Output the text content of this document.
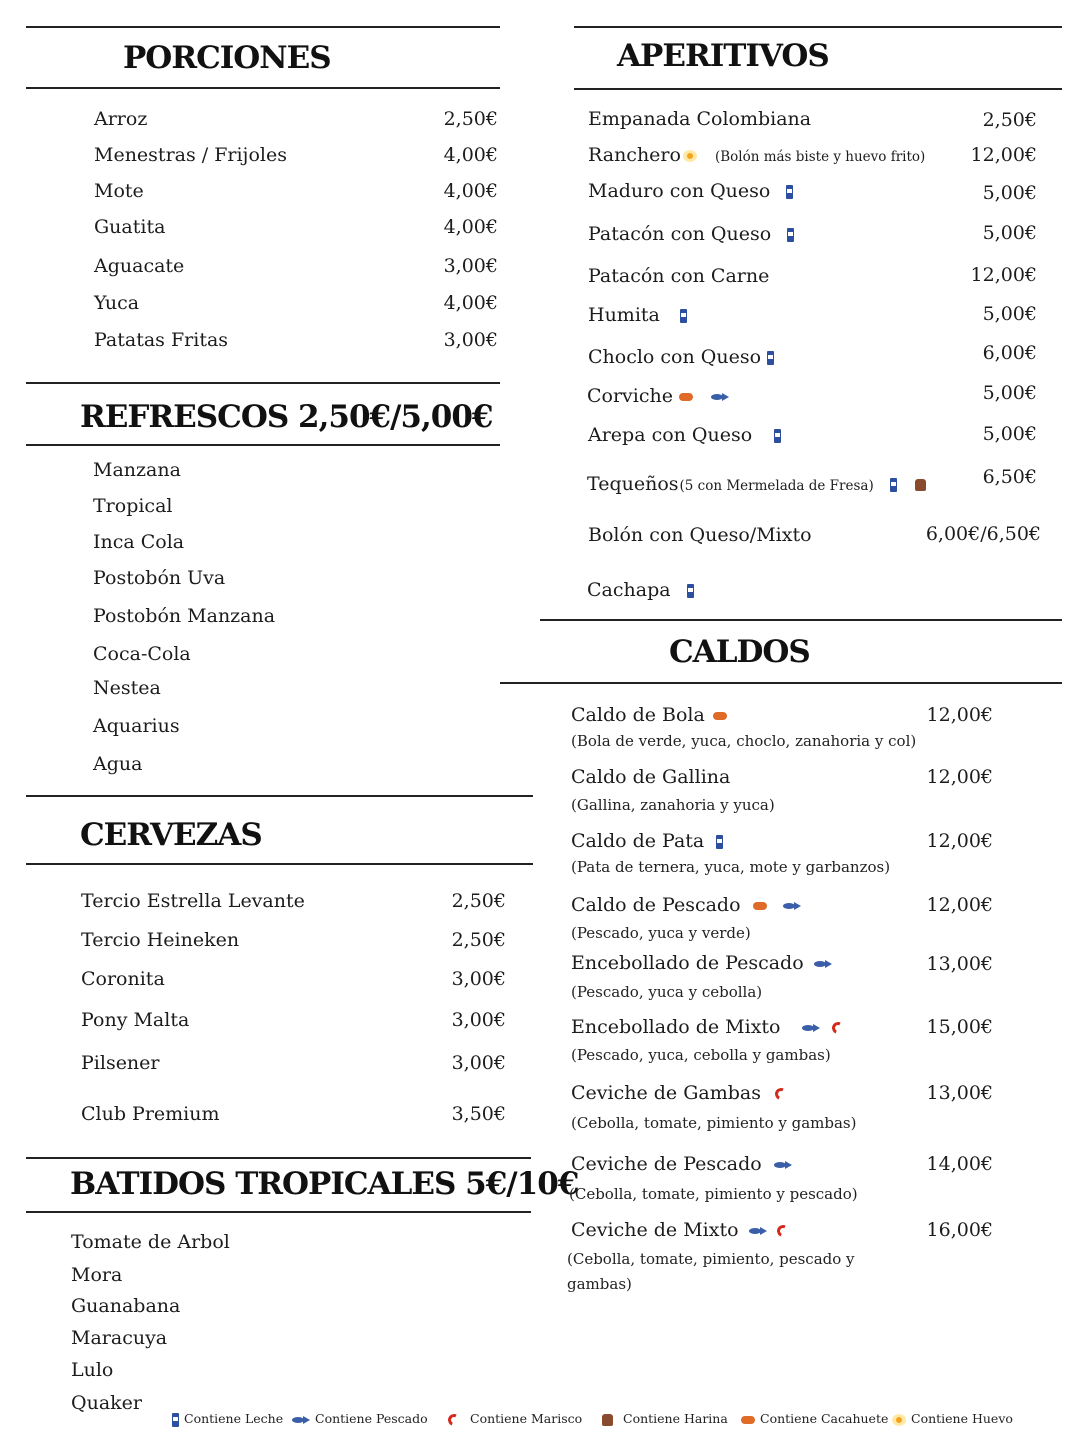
PORCIONES
Arroz	2,50€
Menestras / Frijoles	4,00€
Mote	4,00€
Guatita	4,00€
Aguacate	3,00€
Yuca	4,00€
Patatas Fritas	3,00€
REFRESCOS 2,50€/5,00€
Manzana
Tropical
Inca Cola
Postobón Uva
Postobón Manzana
Coca-Cola
Nestea
Aquarius
Agua
CERVEZAS
Tercio Estrella Levante	2,50€
Tercio Heineken	2,50€
Coronita	3,00€
Pony Malta	3,00€
Pilsener	3,00€
Club Premium	3,50€
BATIDOS TROPICALES 5€/10€
Tomate de Arbol
Mora
Guanabana
Maracuya
Lulo
Quaker
APERITIVOS
Empanada Colombiana	2,50€
Ranchero	(Bolón más biste y huevo frito) 12,00€
Maduro con Queso	5,00€
Patacón con Queso	5,00€
Patacón con Carne	12,00€
Humita	5,00€
Choclo con Queso	6,00€
Corviche	5,00€
Arepa con Queso	5,00€
Tequeños(5 con Mermelada de Fresa)	6,50€
Bolón con Queso/Mixto	6,00€/6,50€
Cachapa
CALDOS
Caldo de Bola	12,00€
(Bola de verde, yuca, choclo, zanahoria y col)
Caldo de Gallina	12,00€
(Gallina, zanahoria y yuca)
Caldo de Pata	12,00€
(Pata de ternera, yuca, mote y garbanzos)
Caldo de Pescado	12,00€
(Pescado, yuca y verde)
Encebollado de Pescado	13,00€
(Pescado, yuca y cebolla)
Encebollado de Mixto	15,00€
(Pescado, yuca, cebolla y gambas)
Ceviche de Gambas	13,00€
(Cebolla, tomate, pimiento y gambas)
Ceviche de Pescado	14,00€
(Cebolla, tomate, pimiento y pescado)
Ceviche de Mixto	16,00€
(Cebolla, tomate, pimiento, pescado y
gambas)
Contiene Leche	Contiene Pescado	Contiene Marisco	Contiene Harina	Contiene Cacahuete	Contiene Huevo
